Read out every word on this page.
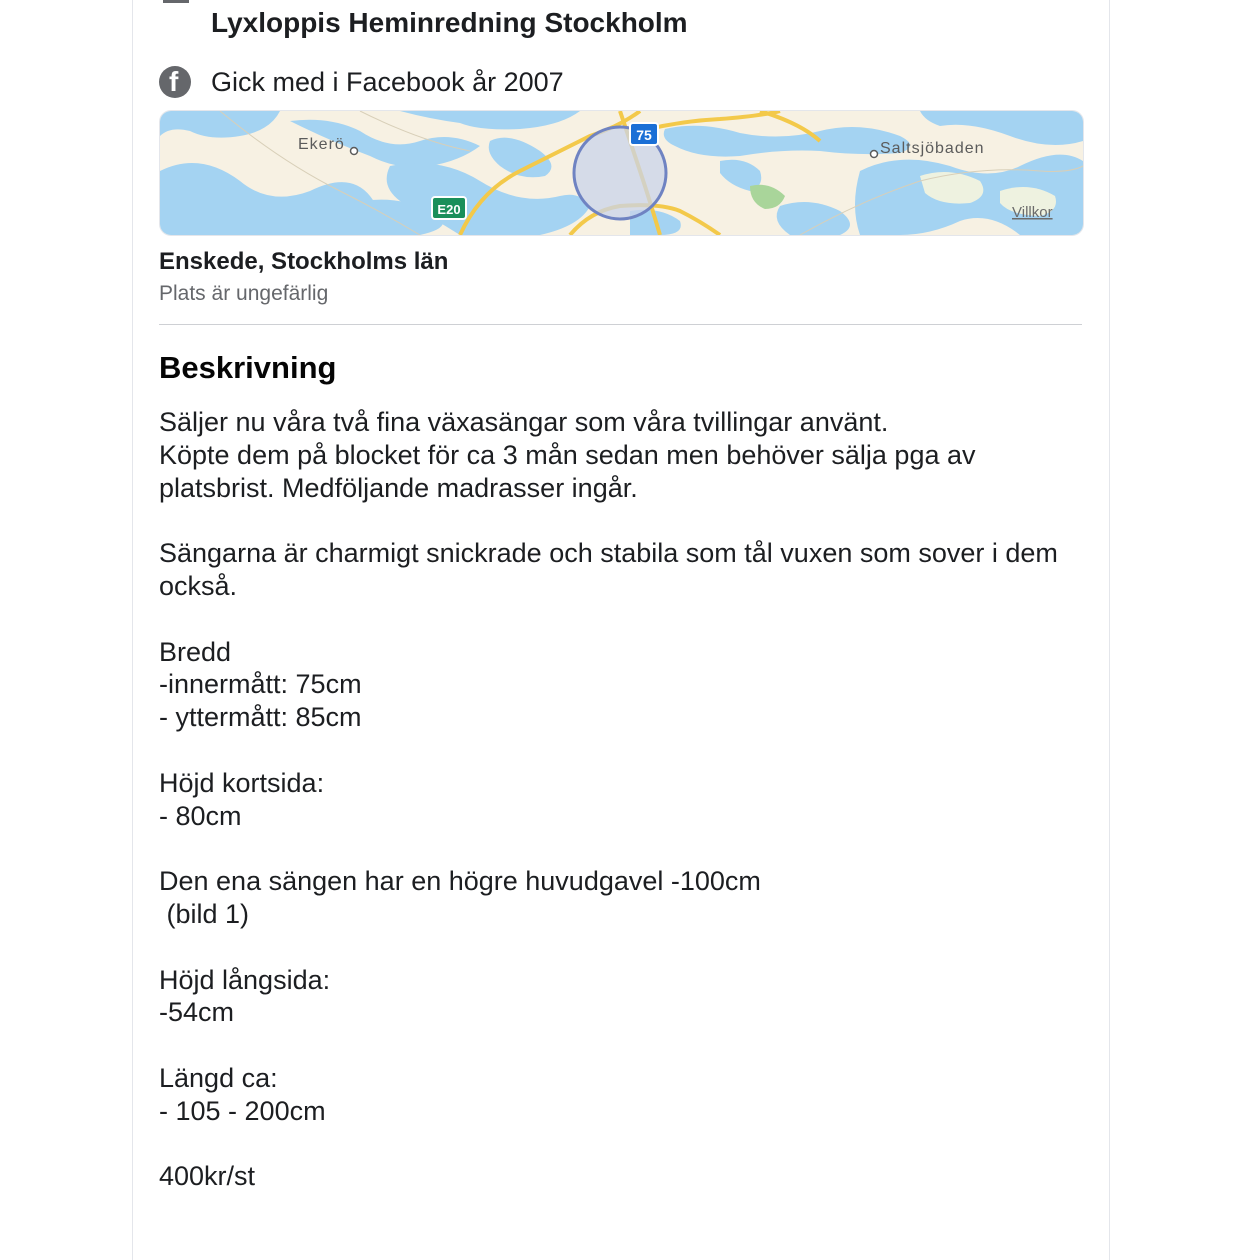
Lyxloppis Heminredning Stockholm
f Gick med i Facebook år 2007
75
E20
Ekerö	Saltsjöbaden
Villkor
Enskede, Stockholms län
Plats är ungefärlig
Beskrivning

Säljer nu våra två fina växasängar som våra tvillingar använt.
Köpte dem på blocket för ca 3 mån sedan men behöver sälja pga av platsbrist. Medföljande madrasser ingår.

Sängarna är charmigt snickrade och stabila som tål vuxen som sover i dem också.

Bredd
-innermått: 75cm
- yttermått: 85cm

Höjd kortsida:
- 80cm

Den ena sängen har en högre huvudgavel -100cm
(bild 1)

Höjd långsida:
-54cm

Längd ca:
- 105 - 200cm

400kr/st
